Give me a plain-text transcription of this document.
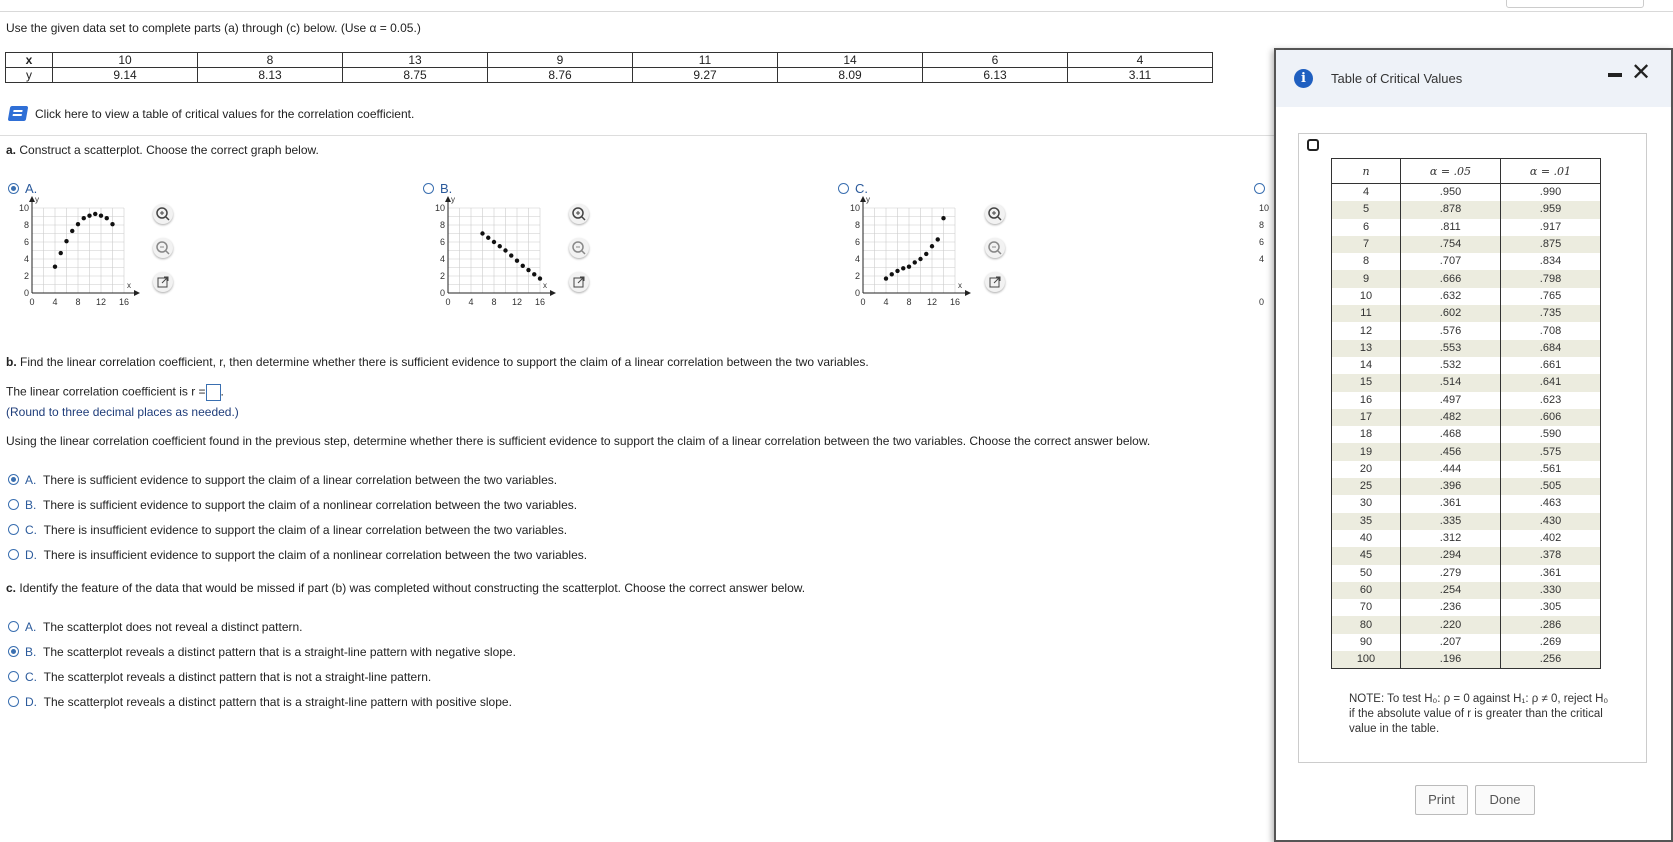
Use the given data set to complete parts (a) through (c) below. (Use α = 0.05.)
x	10	8	13	9	11	14	6	4
y	9.14	8.13	8.75	8.76	9.27	8.09	6.13	3.11
Click here to view a table of critical values for the correlation coefficient.
a. Construct a scatterplot. Choose the correct graph below.
A.	B.	C.
10
8
6
4
2
0
0 4 8 12 16
y
x
10
8
6
4
2
0
0 4 8 12 16
y
x
10
8
6
4
2
0
0 4 8 12 16
y
x
10
8
6
4
0
b. Find the linear correlation coefficient, r, then determine whether there is sufficient evidence to support the claim of a linear correlation between the two variables.
The linear correlation coefficient is r = .
(Round to three decimal places as needed.)
Using the linear correlation coefficient found in the previous step, determine whether there is sufficient evidence to support the claim of a linear correlation between the two variables. Choose the correct answer below.
A. There is sufficient evidence to support the claim of a linear correlation between the two variables.
B. There is sufficient evidence to support the claim of a nonlinear correlation between the two variables.
C. There is insufficient evidence to support the claim of a linear correlation between the two variables.
D. There is insufficient evidence to support the claim of a nonlinear correlation between the two variables.
c. Identify the feature of the data that would be missed if part (b) was completed without constructing the scatterplot. Choose the correct answer below.
A. The scatterplot does not reveal a distinct pattern.
B. The scatterplot reveals a distinct pattern that is a straight-line pattern with negative slope.
C. The scatterplot reveals a distinct pattern that is not a straight-line pattern.
D. The scatterplot reveals a distinct pattern that is a straight-line pattern with positive slope.
i	Table of Critical Values	✕
n	α = .05	α = .01
4	.950	.990
5	.878	.959
6	.811	.917
7	.754	.875
8	.707	.834
9	.666	.798
10	.632	.765
11	.602	.735
12	.576	.708
13	.553	.684
14	.532	.661
15	.514	.641
16	.497	.623
17	.482	.606
18	.468	.590
19	.456	.575
20	.444	.561
25	.396	.505
30	.361	.463
35	.335	.430
40	.312	.402
45	.294	.378
50	.279	.361
60	.254	.330
70	.236	.305
80	.220	.286
90	.207	.269
100	.196	.256
NOTE: To test H₀: ρ = 0 against H₁: ρ ≠ 0, reject H₀ if the absolute value of r is greater than the critical value in the table.
Print	Done
